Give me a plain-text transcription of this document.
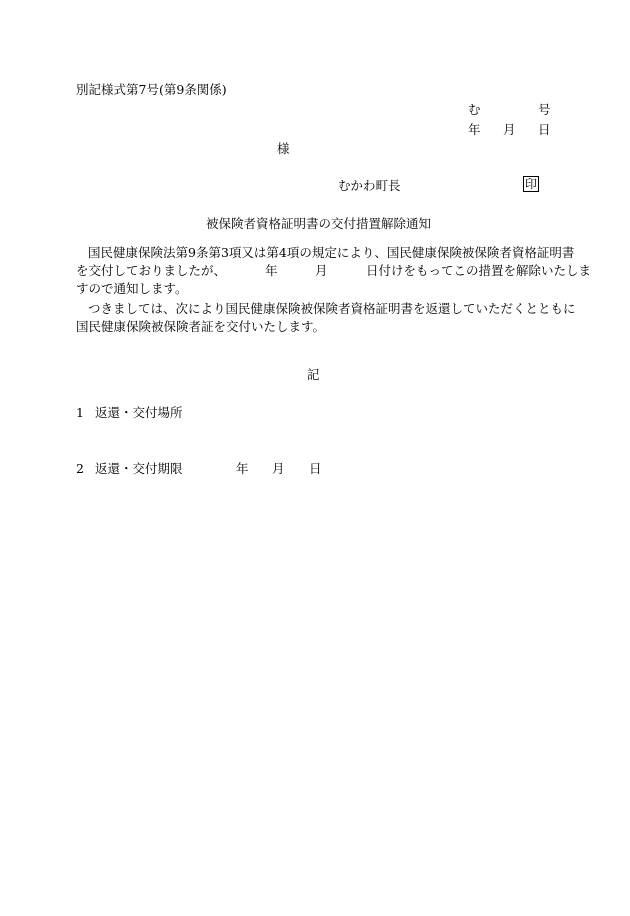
別記様式第7号(第9条関係)
む	号
年 月 日
様
むかわ町長	印
被保険者資格証明書の交付措置解除通知
国民健康保険法第9条第3項又は第4項の規定により、国民健康保険被保険者資格証明書
を交付しておりましたが、	年	月	日付けをもってこの措置を解除いたしま
すので通知します。
つきましては、次により国民健康保険被保険者資格証明書を返還していただくとともに
国民健康保険被保険者証を交付いたします。
記
1 返還・交付場所
2 返還・交付期限	年 月 日
